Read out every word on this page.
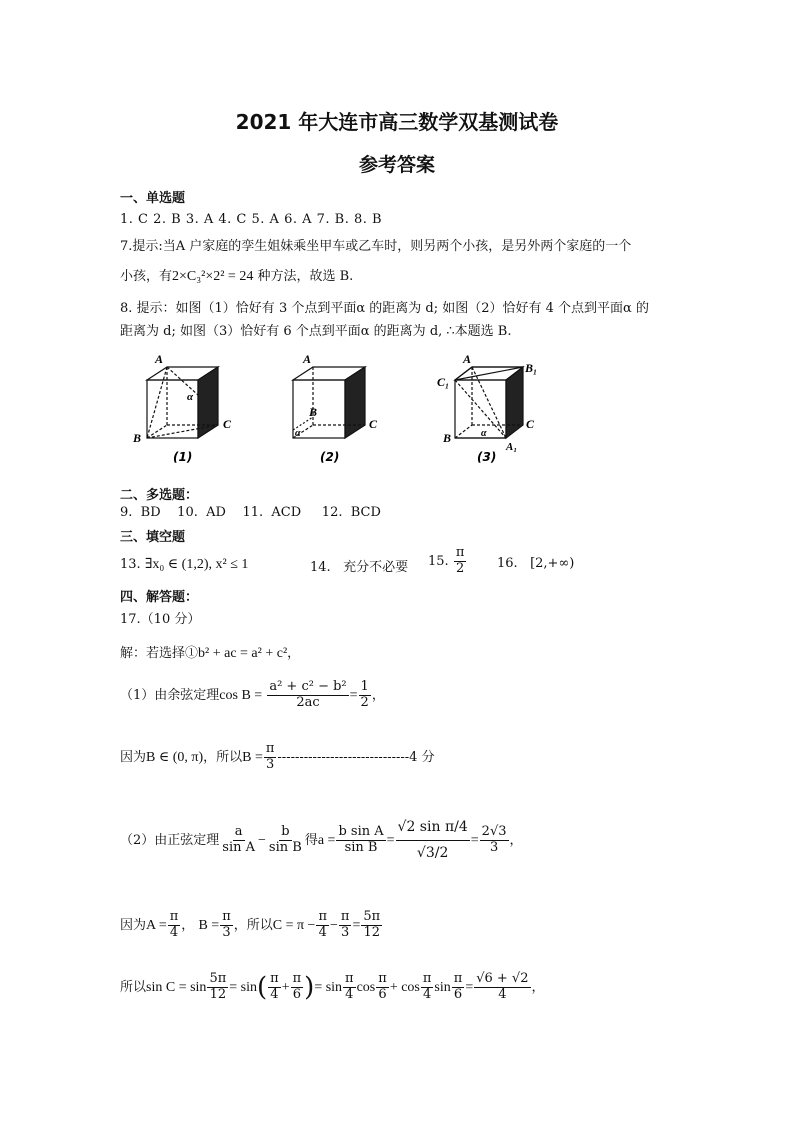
2021 年大连市高三数学双基测试卷
参考答案
一、单选题
1. C 2. B 3. A 4. C 5. A 6. A 7. B. 8. B
7.提示:当A 户家庭的孪生姐妹乘坐甲车或乙车时，则另两个小孩，是另外两个家庭的一个
小孩，有2×C₃²×2² = 24 种方法，故选 B.
8. 提示：如图（1）恰好有 3 个点到平面α 的距离为 d; 如图（2）恰好有 4 个点到平面α 的
距离为 d; 如图（3）恰好有 6 个点到平面α 的距离为 d, ∴本题选 B.
A
B
C
α
(1)
A
B
C
α
(2)
A
B₁
C₁
B
C
A₁
α
(3)
二、多选题：
9.  BD    10.  AD    11.  ACD     12.  BCD
三、填空题
13. ∃x₀ ∈ (1,2), x² ≤ 1	14.   充分不必要 15. $\frac{\pi}{2} 16$.   [2,+∞)
四、解答题：
17.（10 分）
解：若选择①b² + ac = a² + c²，
（1）由余弦定理$\cos B = \frac{\text{a² + c² − b²}}{2ac} = \frac{1}{2}$ ，
因为B ∈ (0, π)，所以$B = \frac{\pi}{3} ------------------------------4$ 分
（2）由正弦定理 $\frac{a}{\text{sin A}} - \frac{b}{\text{sin B}}$ 得$a = \frac{\text{b sin A}}{\text{sin B}} = \frac{\text{√2 sin π/4}}{√3/2} = \frac{2√3}{3}$ ，
因为$A = \frac{\pi}{4}$ ， $B = \frac{\pi}{3}$ ，所以$C = \pi - \frac{\pi}{4} - \frac{\pi}{3} = \frac{5\pi}{12}$
所以$\sin C = \sin \frac{5\pi}{12} = \sin( \frac{\pi}{4} + \frac{\pi}{6}$ )= $\sin \frac{\pi}{4}$ $\cos \frac{\pi}{6} + \cos \frac{\pi}{4}$ $\sin \frac{\pi}{6} = \frac{√6 + √2}{4}$ ，
